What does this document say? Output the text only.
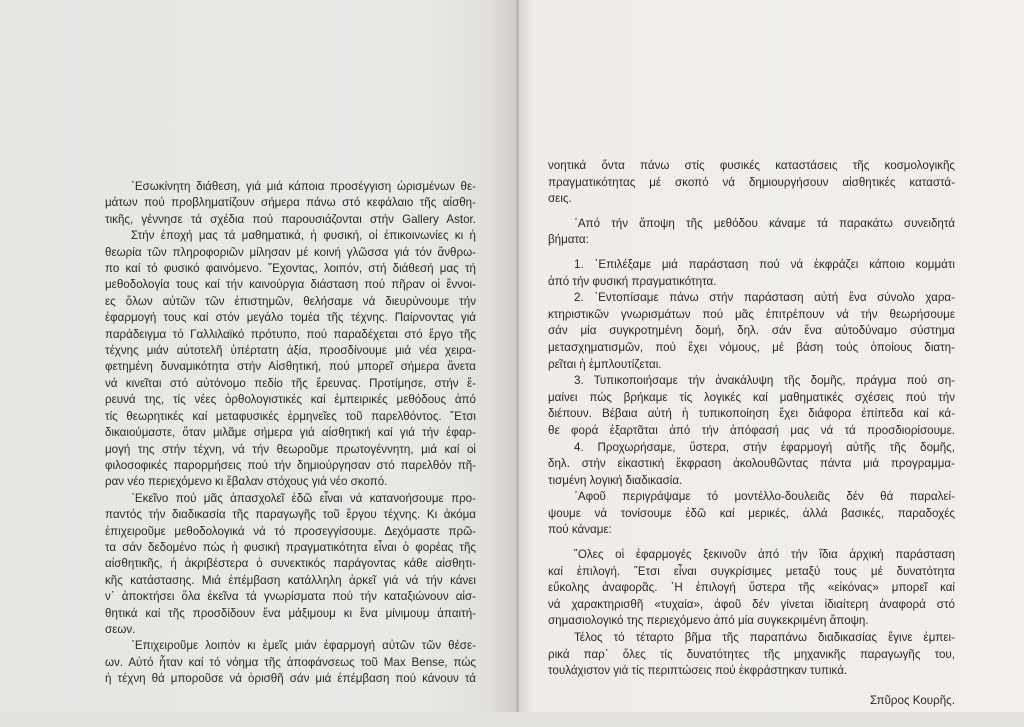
῾Εσωκίνητη διάθεση, γιά μιά κάποια προσέγγιση ὡρισμένων θε-
μάτων πού προβληματίζουν σήμερα πάνω στό κεφάλαιο τῆς αἰσθη-
τικῆς, γέννησε τά σχέδια πού παρουσιάζονται στήν Gallery Astor.
Στήν ἐποχή μας τά μαθηματικά, ἡ φυσική, οἱ ἐπικοινωνίες κι ἡ
θεωρία τῶν πληροφοριῶν μίλησαν μέ κοινή γλῶσσα γιά τόν ἄνθρω-
πο καί τό φυσικό φαινόμενο. ῞Εχοντας, λοιπόν, στή διάθεσή μας τή
μεθοδολογία τους καί τήν καινούργια διάσταση πού πῆραν οἱ ἔννοι-
ες ὅλων αὐτῶν τῶν ἐπιστημῶν, θελήσαμε νά διευρύνουμε τήν
ἐφαρμογή τους καί στόν μεγάλο τομέα τῆς τέχνης. Παίρνοντας γιά
παράδειγμα τό Γαλλιλαϊκό πρότυπο, πού παραδέχεται στό ἔργο τῆς
τέχνης μιάν αὐτοτελῆ ὑπέρτατη ἀξία, προσδίνουμε μιά νέα χειρα-
φετημένη δυναμικότητα στήν Αἰσθητική, πού μπορεῖ σήμερα ἄνετα
νά κινεῖται στό αὐτόνομο πεδίο τῆς ἔρευνας. Προτίμησε, στήν ἔ-
ρευνά της, τίς νέες ὀρθολογιστικές καί ἐμπειρικές μεθόδους ἀπό
τίς θεωρητικές καί μεταφυσικές ἑρμηνεῖες τοῦ παρελθόντος. ῞Ετσι
δικαιούμαστε, ὅταν μιλᾶμε σήμερα γιά αἰσθητική καί γιά τήν ἐφαρ-
μογή της στήν τέχνη, νά τήν θεωροῦμε πρωτογέννητη, μιά καί οἱ
φιλοσοφικές παρορμήσεις πού τήν δημιούργησαν στό παρελθόν πῆ-
ραν νέο περιεχόμενο κι ἔβαλαν στόχους γιά νέο σκοπό.
᾽Εκεῖνο πού μᾶς ἀπασχολεῖ ἐδῶ εἶναι νά κατανοήσουμε προ-
παντός τήν διαδικασία τῆς παραγωγῆς τοῦ ἔργου τέχνης. Κι ἀκόμα
ἐπιχειροῦμε μεθοδολογικά νά τό προσεγγίσουμε. Δεχόμαστε πρῶ-
τα σάν δεδομένο πώς ἡ φυσική πραγματικότητα εἶναι ὁ φορέας τῆς
αἰσθητικῆς, ἡ ἀκριβέστερα ὁ συνεκτικός παράγοντας κάθε αἰσθητι-
κῆς κατάστασης. Μιά ἐπέμβαση κατάλληλη ἀρκεῖ γιά νά τήν κάνει
ν᾽ ἀποκτήσει ὅλα ἐκεῖνα τά γνωρίσματα πού τήν καταξιώνουν αἰσ-
θητικά καί τῆς προσδίδουν ἕνα μάξιμουμ κι ἕνα μίνιμουμ ἀπαιτή-
σεων.
᾽Επιχειροῦμε λοιπόν κι ἐμεῖς μιάν ἐφαρμογή αὐτῶν τῶν θέσε-
ων. Αὐτό ἦταν καί τό νόημα τῆς ἀποφάνσεως τοῦ Max Bense, πώς
ἡ τέχνη θά μποροῦσε νά ὁρισθῆ σάν μιά ἐπέμβαση πού κάνουν τά
νοητικά ὄντα πάνω στίς φυσικές καταστάσεις τῆς κοσμολογικῆς
πραγματικότητας μέ σκοπό νά δημιουργήσουν αἰσθητικές καταστά-
σεις.
᾽Από τήν ἄποψη τῆς μεθόδου κάναμε τά παρακάτω συνειδητά
βήματα:
1. ᾽Επιλέξαμε μιά παράσταση πού νά ἐκφράζει κάποιο κομμάτι
ἀπό τήν φυσική πραγματικότητα.
2. ᾽Εντοπίσαμε πάνω στήν παράσταση αὐτή ἕνα σύνολο χαρα-
κτηριστικῶν γνωρισμάτων πού μᾶς ἐπιτρέπουν νά τήν θεωρήσουμε
σάν μία συγκροτημένη δομή, δηλ. σάν ἕνα αὐτοδύναμο σύστημα
μετασχηματισμῶν, πού ἔχει νόμους, μέ βάση τούς ὁποίους διατη-
ρεῖται ἡ ἐμπλουτίζεται.
3. Τυπικοποιήσαμε τήν ἀνακάλυψη τῆς δομῆς, πράγμα πού ση-
μαίνει πώς βρήκαμε τίς λογικές καί μαθηματικές σχέσεις πού τήν
διέπουν. Βέβαια αὐτή ἡ τυπικοποίηση ἔχει διάφορα ἐπίπεδα καί κά-
θε φορά ἐξαρτᾶται ἀπό τήν ἀπόφασή μας νά τά προσδιορίσουμε.
4. Προχωρήσαμε, ὕστερα, στήν ἐφαρμογή αὐτῆς τῆς δομῆς,
δηλ. στήν εἰκαστική ἔκφραση ἀκολουθῶντας πάντα μιά προγραμμα-
τισμένη λογική διαδικασία.
᾽Αφοῦ περιγράψαμε τό μοντέλλο-δουλειᾶς δέν θά παραλεί-
ψουμε νά τονίσουμε ἐδῶ καί μερικές, ἀλλά βασικές, παραδοχές
πού κάναμε:
῞Ολες οἱ ἐφαρμογές ξεκινοῦν ἀπό τήν ἴδια ἀρχική παράσταση
καί ἐπιλογή. ῞Ετσι εἶναι συγκρίσιμες μεταξύ τους μέ δυνατότητα
εὔκολης ἀναφορᾶς. ῾Η ἐπιλογή ὕστερα τῆς «εἰκόνας» μπορεῖ καί
νά χαρακτηρισθῆ «τυχαία», ἀφοῦ δέν γίνεται ἰδιαίτερη ἀναφορά στό
σημασιολογικό της περιεχόμενο ἀπό μία συγκεκριμένη ἄποψη.
Τέλος τό τέταρτο βῆμα τῆς παραπάνω διαδικασίας ἔγινε ἐμπει-
ρικά παρ᾽ ὅλες τίς δυνατότητες τῆς μηχανικῆς παραγωγῆς του,
τουλάχιστον γιά τίς περιπτώσεις πού ἐκφράστηκαν τυπικά.
Σπῦρος Κουρῆς.
